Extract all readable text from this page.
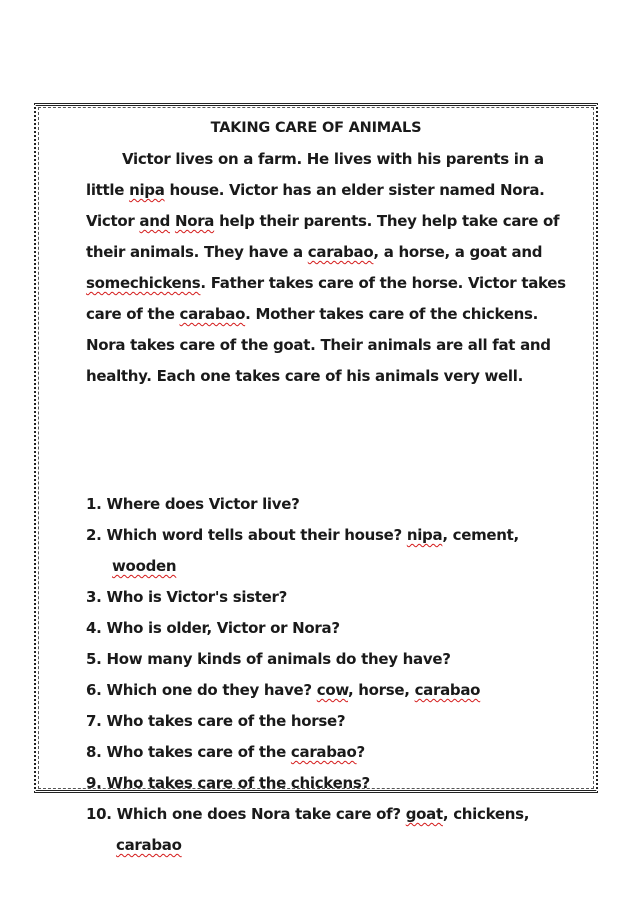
TAKING CARE OF ANIMALS
Victor lives on a farm. He lives with his parents in a little nipa house. Victor has an elder sister named Nora. Victor and Nora help their parents. They help take care of their animals. They have a carabao, a horse, a goat and somechickens. Father takes care of the horse. Victor takes care of the carabao. Mother takes care of the chickens. Nora takes care of the goat. Their animals are all fat and healthy. Each one takes care of his animals very well.
1. Where does Victor live?
2. Which word tells about their house? nipa, cement,
wooden
3. Who is Victor's sister?
4. Who is older, Victor or Nora?
5. How many kinds of animals do they have?
6. Which one do they have? cow, horse, carabao
7. Who takes care of the horse?
8. Who takes care of the carabao?
9. Who takes care of the chickens?
10. Which one does Nora take care of? goat, chickens,
carabao
